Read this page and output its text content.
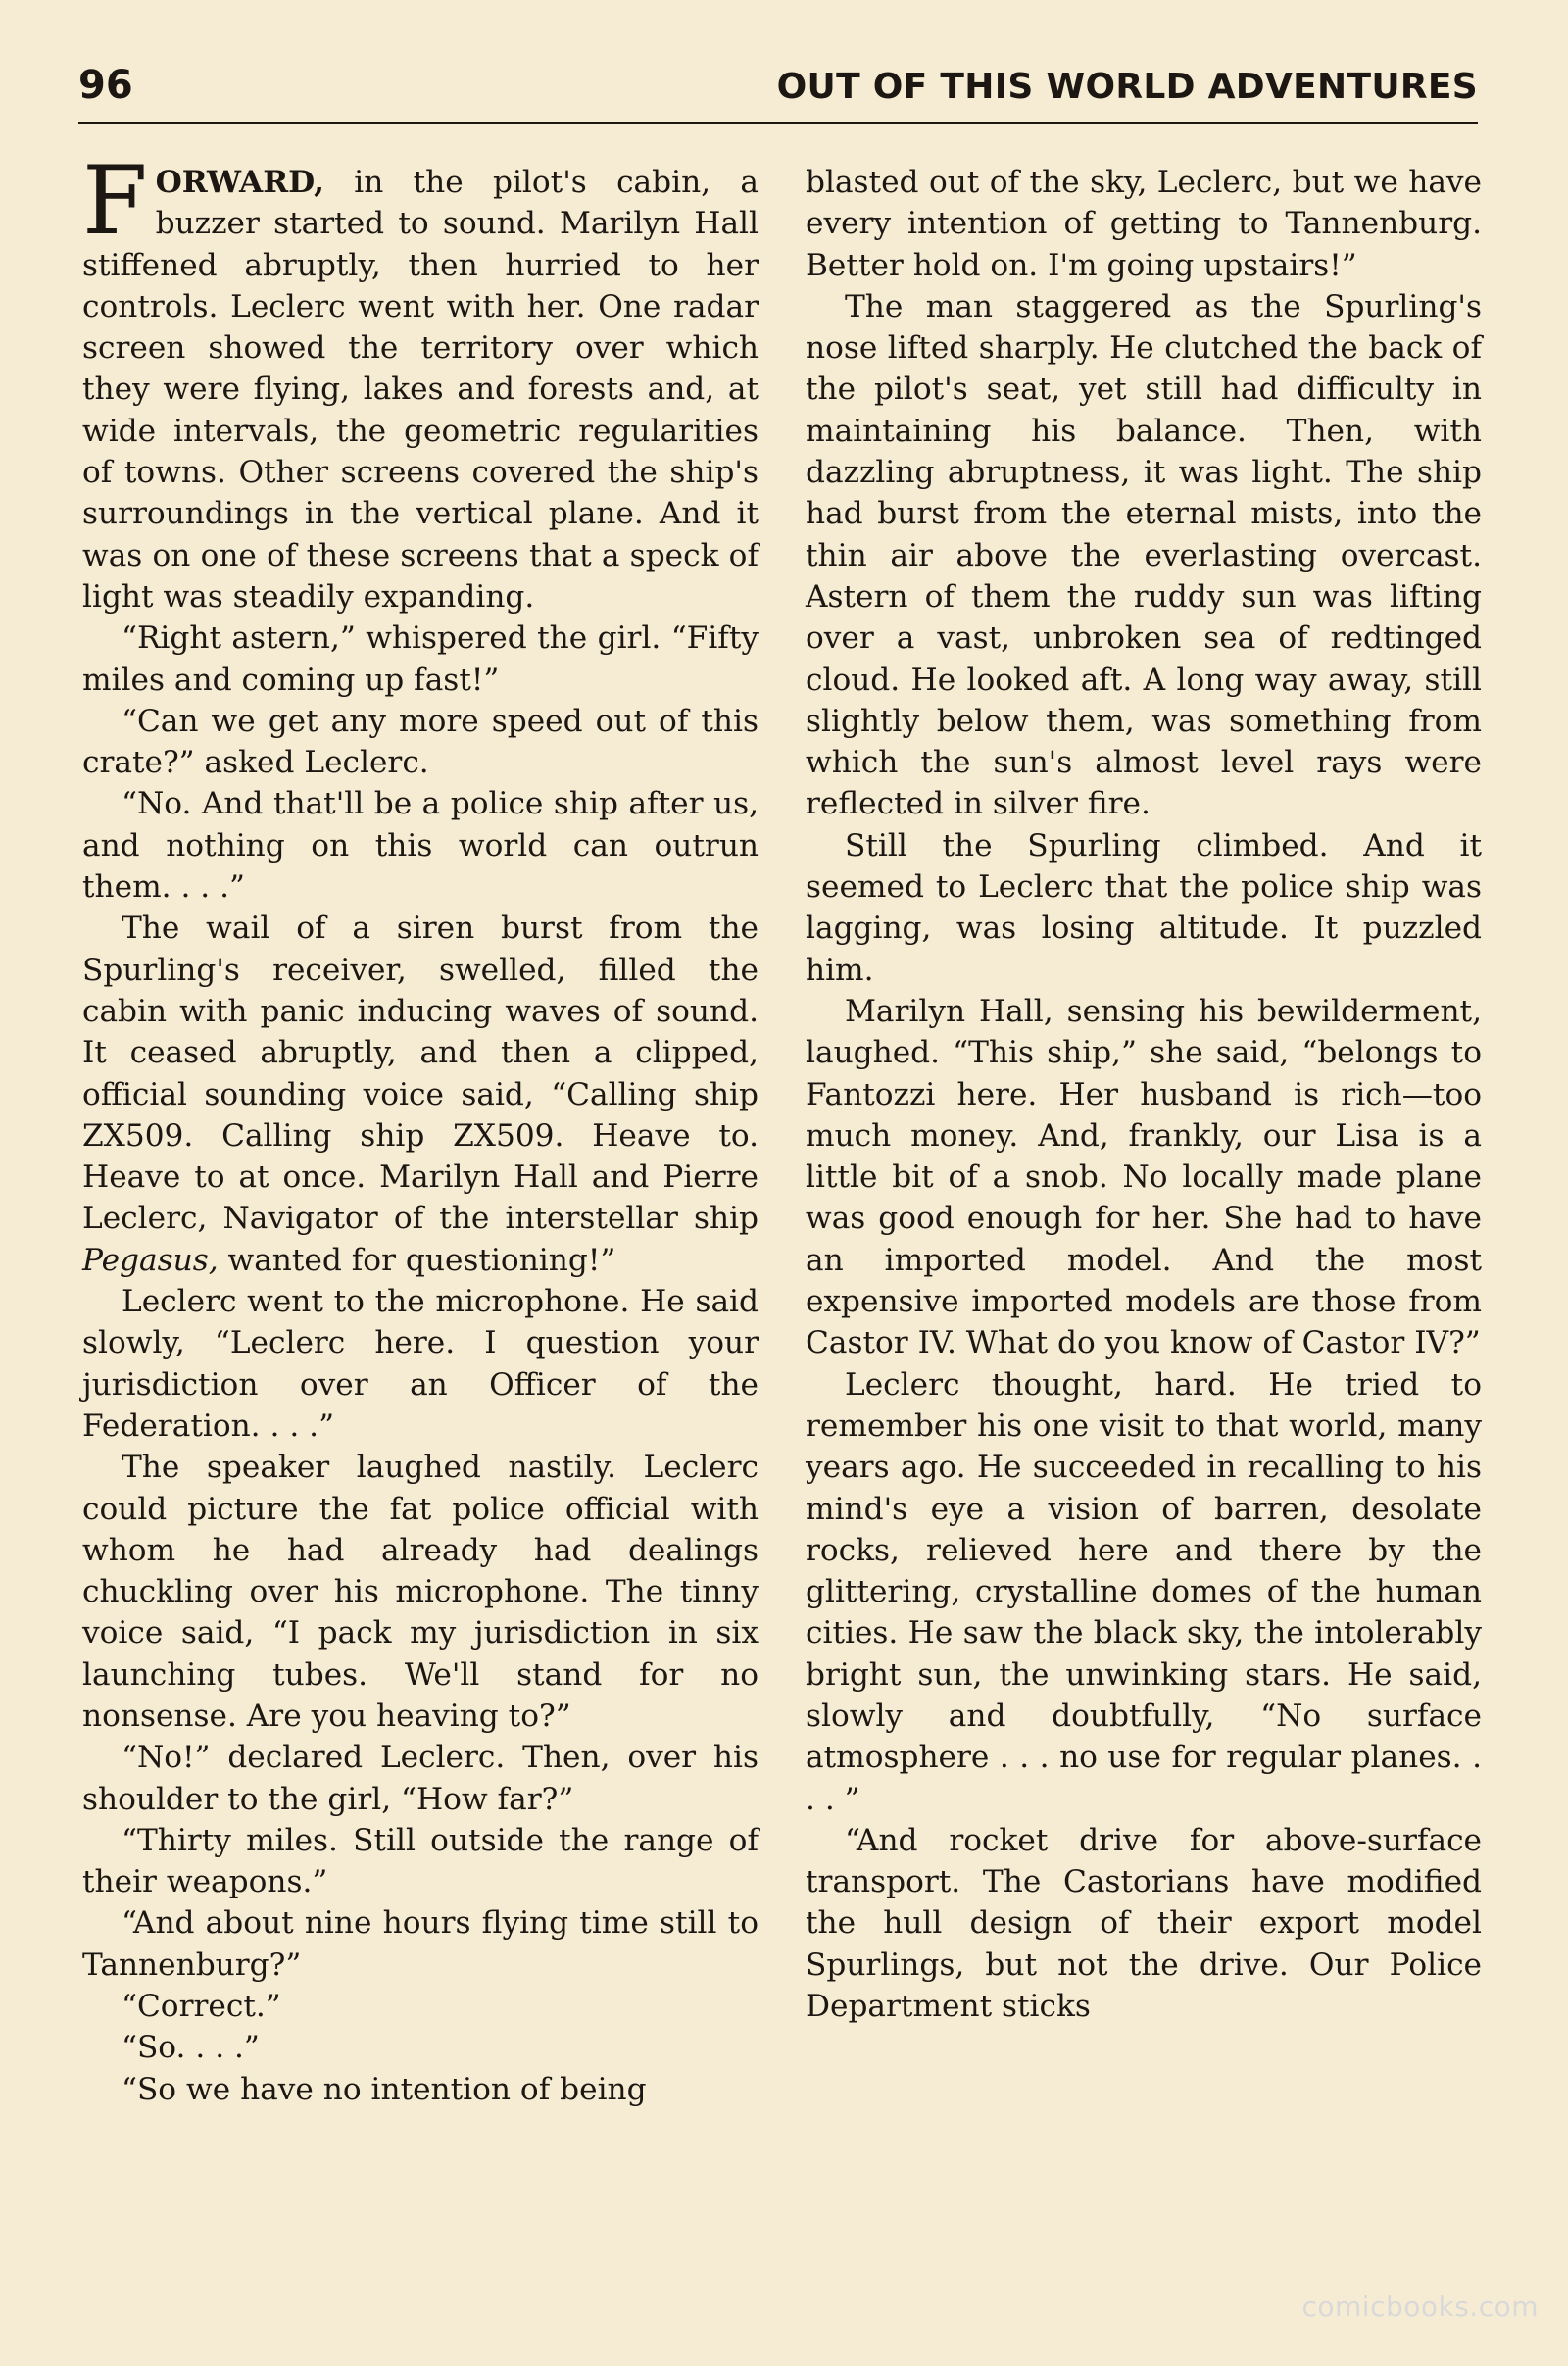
96	OUT OF THIS WORLD ADVENTURES

FORWARD, in the pilot's cabin, a buzzer started to sound. Marilyn Hall stiffened abruptly, then hurried to her controls. Leclerc went with her. One radar screen showed the territory over which they were flying, lakes and forests and, at wide intervals, the geometric regularities of towns. Other screens covered the ship's surroundings in the vertical plane. And it was on one of these screens that a speck of light was steadily expanding.

“Right astern,” whispered the girl. “Fifty miles and coming up fast!”

“Can we get any more speed out of this crate?” asked Leclerc.

“No. And that'll be a police ship after us, and nothing on this world can outrun them. . . .”

The wail of a siren burst from the Spurling's receiver, swelled, filled the cabin with panic inducing waves of sound. It ceased abruptly, and then a clipped, official sounding voice said, “Calling ship ZX509. Calling ship ZX509. Heave to. Heave to at once. Marilyn Hall and Pierre Leclerc, Navigator of the interstellar ship Pegasus, wanted for questioning!”

Leclerc went to the microphone. He said slowly, “Leclerc here. I question your jurisdiction over an Officer of the Federation. . . .”

The speaker laughed nastily. Leclerc could picture the fat police official with whom he had already had dealings chuckling over his microphone. The tinny voice said, “I pack my jurisdiction in six launching tubes. We'll stand for no nonsense. Are you heaving to?”

“No!” declared Leclerc. Then, over his shoulder to the girl, “How far?”

“Thirty miles. Still outside the range of their weapons.”

“And about nine hours flying time still to Tannenburg?”

“Correct.”

“So. . . .”

“So we have no intention of being

blasted out of the sky, Leclerc, but we have every intention of getting to Tannenburg. Better hold on. I'm going upstairs!”

The man staggered as the Spurling's nose lifted sharply. He clutched the back of the pilot's seat, yet still had difficulty in maintaining his balance. Then, with dazzling abruptness, it was light. The ship had burst from the eternal mists, into the thin air above the everlasting overcast. Astern of them the ruddy sun was lifting over a vast, unbroken sea of redtinged cloud. He looked aft. A long way away, still slightly below them, was something from which the sun's almost level rays were reflected in silver fire.

Still the Spurling climbed. And it seemed to Leclerc that the police ship was lagging, was losing altitude. It puzzled him.

Marilyn Hall, sensing his bewilderment, laughed. “This ship,” she said, “belongs to Fantozzi here. Her husband is rich—too much money. And, frankly, our Lisa is a little bit of a snob. No locally made plane was good enough for her. She had to have an imported model. And the most expensive imported models are those from Castor IV. What do you know of Castor IV?”

Leclerc thought, hard. He tried to remember his one visit to that world, many years ago. He succeeded in recalling to his mind's eye a vision of barren, desolate rocks, relieved here and there by the glittering, crystalline domes of the human cities. He saw the black sky, the intolerably bright sun, the unwinking stars. He said, slowly and doubtfully, “No surface atmosphere . . . no use for regular planes. . . . ”

“And rocket drive for above-surface transport. The Castorians have modified the hull design of their export model Spurlings, but not the drive. Our Police Department sticks

comicbooks.com
